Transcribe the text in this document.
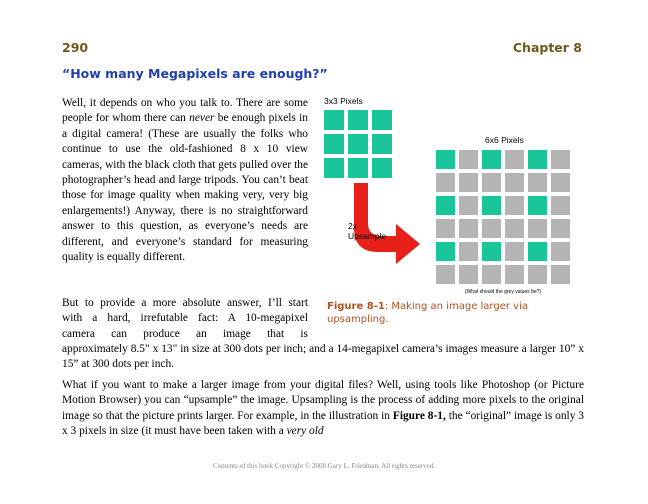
290	Chapter 8
“How many Megapixels are enough?”
Well, it depends on who you talk to. There are some people for whom there can never be enough pixels in a digital camera! (These are usually the folks who continue to use the old-fashioned 8 x 10 view cameras, with the black cloth that gets pulled over the photographer’s head and large tripods. You can’t beat those for image quality when making very, very big enlargements!) Anyway, there is no straightforward answer to this question, as everyone’s needs are different, and everyone’s standard for measuring quality is equally different.
But to provide a more absolute answer, I’ll start
with a hard, irrefutable fact: A 10-megapixel
camera can produce an image that is
approximately 8.5" x 13" in size at 300 dots per inch; and a 14-megapixel camera’s images measure a larger 10” x 15” at 300 dots per inch.
What if you want to make a larger image from your digital files? Well, using tools like Photoshop (or Picture Motion Browser) you can “upsample” the image. Upsampling is the process of adding more pixels to the original image so that the picture prints larger. For example, in the illustration in Figure 8-1, the “original” image is only 3 x 3 pixels in size (it must have been taken with a very old
3x3 Pixels
6x6 Pixels
2x
Upsample
(What should the grey values be?)
Figure 8-1: Making an image larger via upsampling.
Contents of this book Copyright © 2008 Gary L. Friedman. All rights reserved.
